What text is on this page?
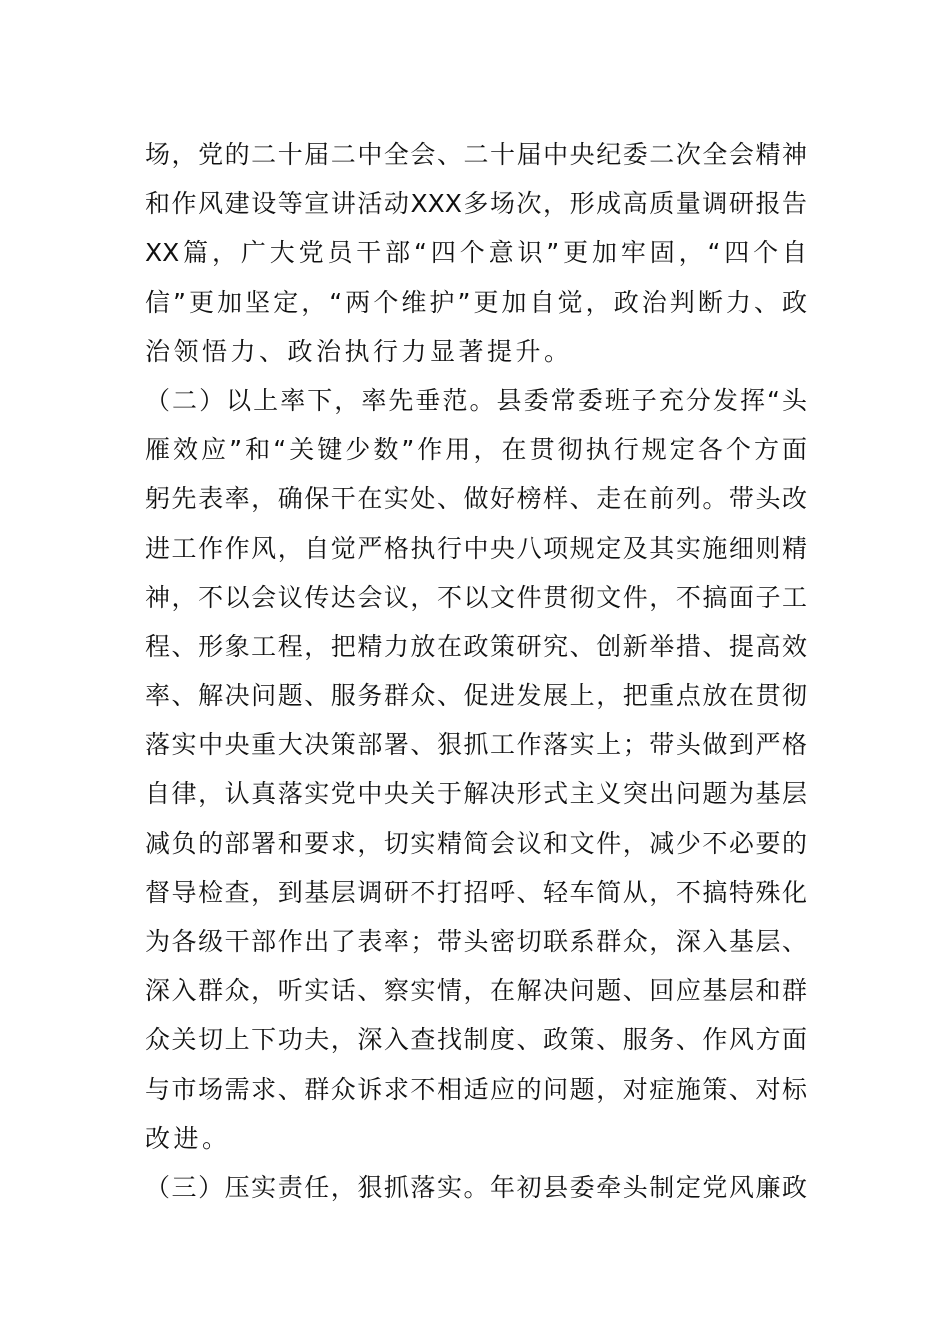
场，党的二十届二中全会、二十届中央纪委二次全会精神
和作风建设等宣讲活动XXX多场次，形成高质量调研报告
XX篇，广大党员干部“四个意识”更加牢固，“四个自
信”更加坚定，“两个维护”更加自觉，政治判断力、政
治领悟力、政治执行力显著提升。
（二）以上率下，率先垂范。县委常委班子充分发挥“头
雁效应”和“关键少数”作用，在贯彻执行规定各个方面
躬先表率，确保干在实处、做好榜样、走在前列。带头改
进工作作风，自觉严格执行中央八项规定及其实施细则精
神，不以会议传达会议，不以文件贯彻文件，不搞面子工
程、形象工程，把精力放在政策研究、创新举措、提高效
率、解决问题、服务群众、促进发展上，把重点放在贯彻
落实中央重大决策部署、狠抓工作落实上；带头做到严格
自律，认真落实党中央关于解决形式主义突出问题为基层
减负的部署和要求，切实精简会议和文件，减少不必要的
督导检查，到基层调研不打招呼、轻车简从，不搞特殊化
为各级干部作出了表率；带头密切联系群众，深入基层、
深入群众，听实话、察实情，在解决问题、回应基层和群
众关切上下功夫，深入查找制度、政策、服务、作风方面
与市场需求、群众诉求不相适应的问题，对症施策、对标
改进。
（三）压实责任，狠抓落实。年初县委牵头制定党风廉政
